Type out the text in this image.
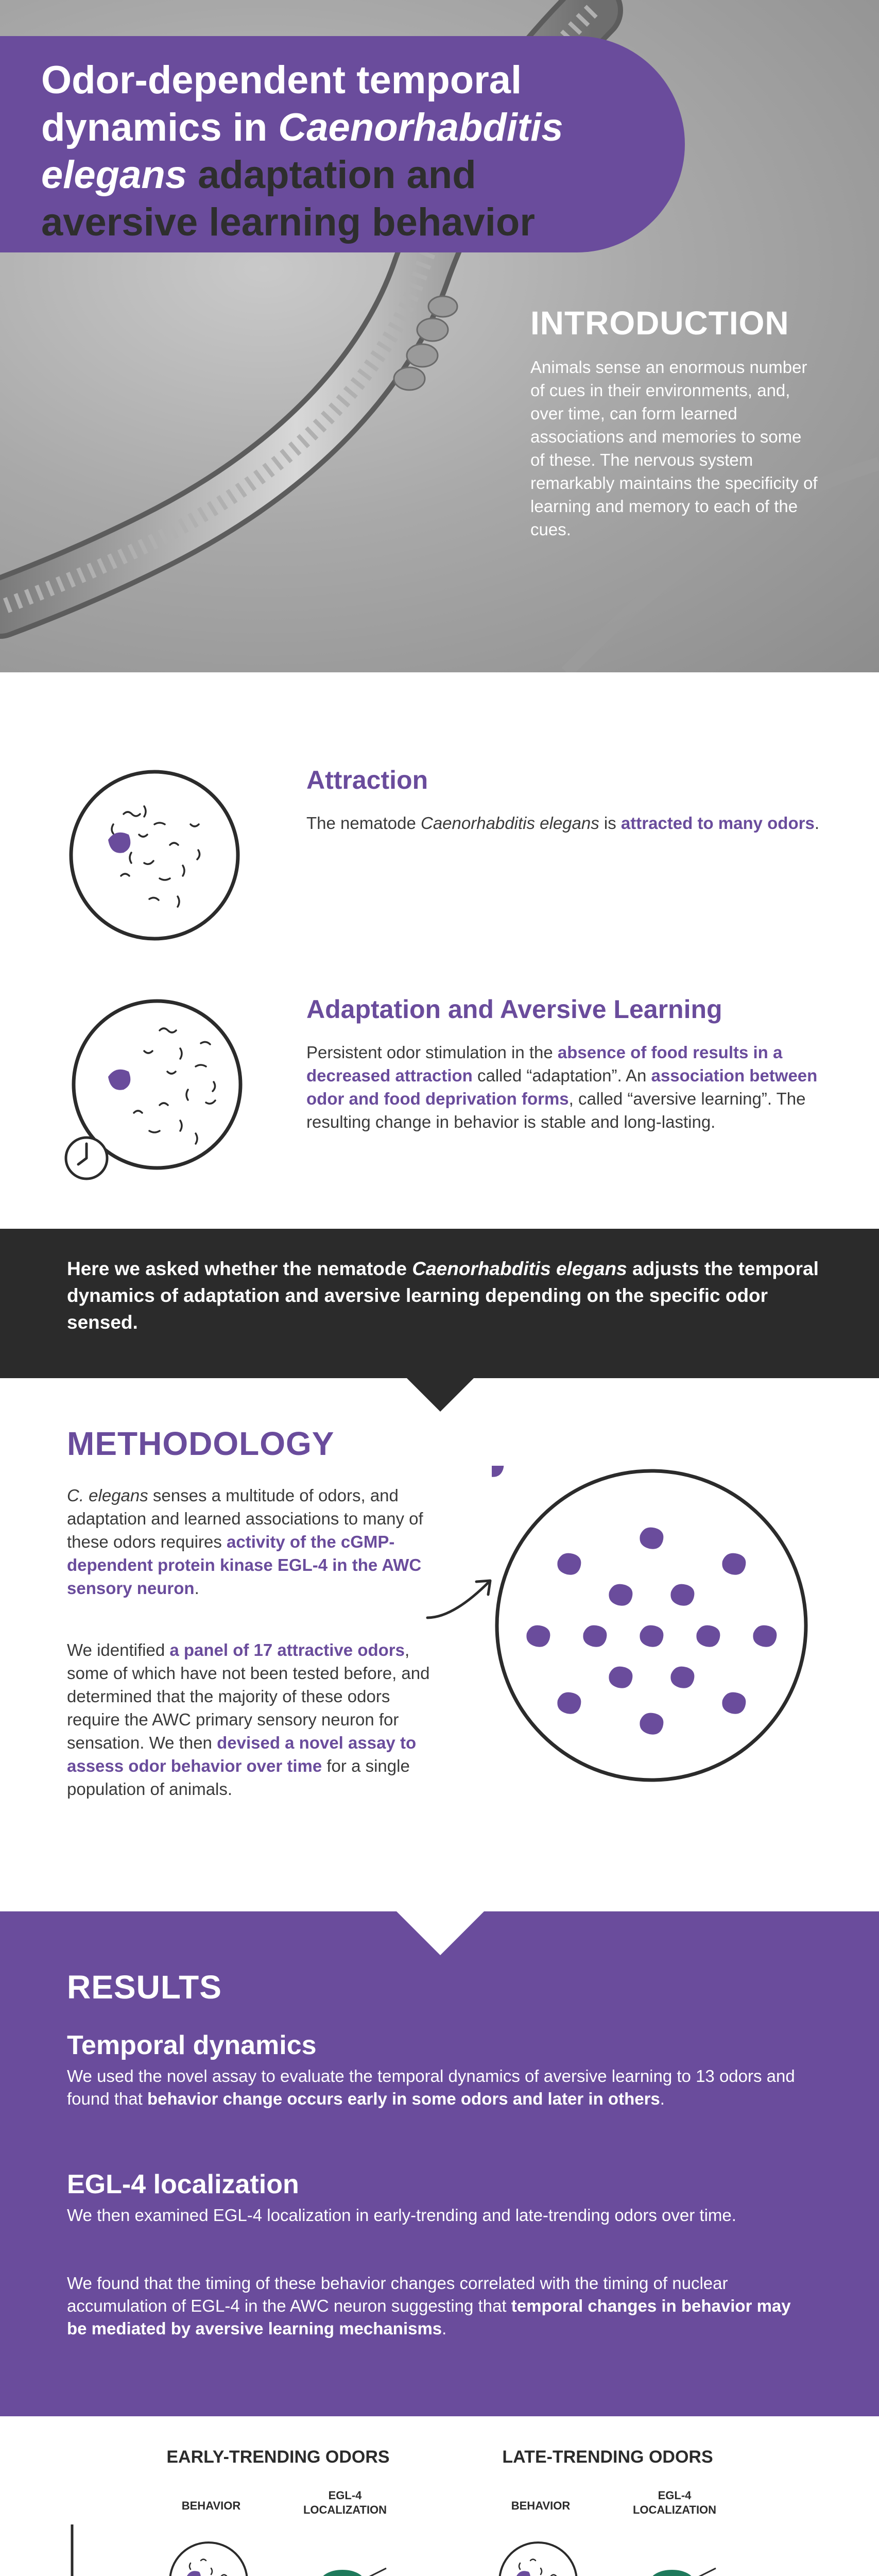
Odor-dependent temporal
dynamics in Caenorhabditis
elegans adaptation and
aversive learning behavior
INTRODUCTION
Animals sense an enormous number of cues in their environments, and, over time, can form learned associations and memories to some of these. The nervous system remarkably maintains the specificity of learning and memory to each of the cues.
Attraction
The nematode Caenorhabditis elegans is attracted to many odors.
Adaptation and Aversive Learning
Persistent odor stimulation in the absence of food results in a decreased attraction called “adaptation”. An association between odor and food deprivation forms, called “aversive learning”. The resulting change in behavior is stable and long-lasting.

Here we asked whether the nematode Caenorhabditis elegans adjusts the temporal dynamics of adaptation and aversive learning depending on the specific odor sensed.

METHODOLOGY
C. elegans senses a multitude of odors, and adaptation and learned associations to many of these odors requires activity of the cGMP-dependent protein kinase EGL-4 in the AWC sensory neuron.
We identified a panel of 17 attractive odors, some of which have not been tested before, and determined that the majority of these odors require the AWC primary sensory neuron for sensation. We then devised a novel assay to assess odor behavior over time for a single population of animals.
RESULTS
Temporal dynamics
We used the novel assay to evaluate the temporal dynamics of aversive learning to 13 odors and found that behavior change occurs early in some odors and later in others.
EGL-4 localization
We then examined EGL-4 localization in early-trending and late-trending odors over time.
We found that the timing of these behavior changes correlated with the timing of nuclear accumulation of EGL-4 in the AWC neuron suggesting that temporal changes in behavior may be mediated by aversive learning mechanisms.
EARLY-TRENDING ODORS	LATE-TRENDING ODORS
BEHAVIOR
EGL-4
LOCALIZATION	BEHAVIOR
EGL-4
LOCALIZATION
